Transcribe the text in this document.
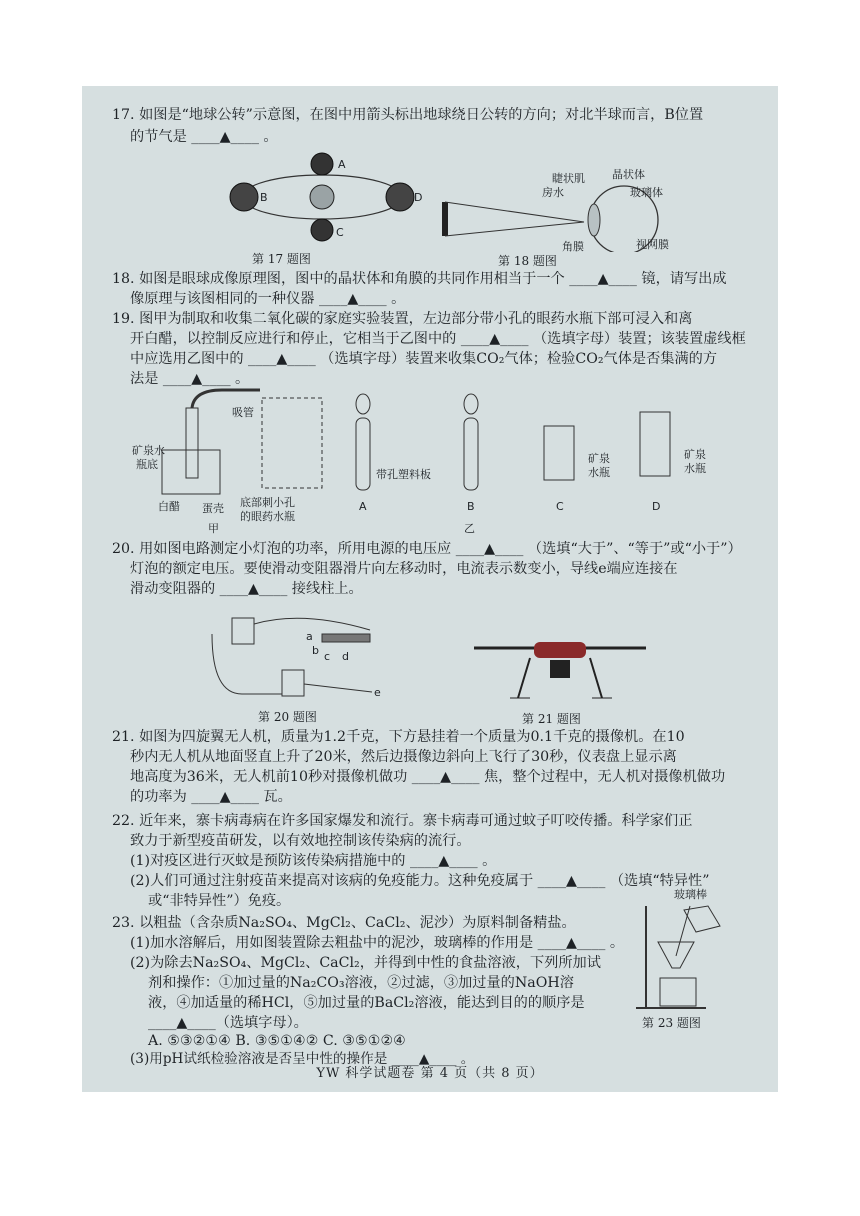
17. 如图是“地球公转”示意图，在图中用箭头标出地球绕日公转的方向；对北半球而言，B位置
的节气是 ____▲____ 。
A
B
C
D
第 17 题图
睫状肌 晶状体
房水	玻璃体
角膜	视网膜
第 18 题图
18. 如图是眼球成像原理图，图中的晶状体和角膜的共同作用相当于一个 ____▲____ 镜，请写出成
像原理与该图相同的一种仪器 ____▲____ 。
19. 图甲为制取和收集二氧化碳的家庭实验装置，左边部分带小孔的眼药水瓶下部可浸入和离
开白醋，以控制反应进行和停止，它相当于乙图中的 ____▲____ （选填字母）装置；该装置虚线框
中应选用乙图中的 ____▲____ （选填字母）装置来收集CO₂气体；检验CO₂气体是否集满的方
法是 ____▲____ 。
吸管
矿泉水
瓶底
白醋 蛋壳 底部刺小孔
的眼药水瓶
甲
带孔塑料板
矿泉
水瓶
矿泉
水瓶
A	B	C	D
乙
20. 用如图电路测定小灯泡的功率，所用电源的电压应 ____▲____ （选填“大于”、“等于”或“小于”）
灯泡的额定电压。要使滑动变阻器滑片向左移动时，电流表示数变小，导线e端应连接在
滑动变阻器的 ____▲____ 接线柱上。
a
b c d
e
第 20 题图	第 21 题图
21. 如图为四旋翼无人机，质量为1.2千克，下方悬挂着一个质量为0.1千克的摄像机。在10
秒内无人机从地面竖直上升了20米，然后边摄像边斜向上飞行了30秒，仪表盘上显示离
地高度为36米，无人机前10秒对摄像机做功 ____▲____ 焦，整个过程中，无人机对摄像机做功
的功率为 ____▲____ 瓦。
22. 近年来，寨卡病毒病在许多国家爆发和流行。寨卡病毒可通过蚊子叮咬传播。科学家们正
致力于新型疫苗研发，以有效地控制该传染病的流行。
(1)对疫区进行灭蚊是预防该传染病措施中的 ____▲____ 。
(2)人们可通过注射疫苗来提高对该病的免疫能力。这种免疫属于 ____▲____ （选填“特异性”
或“非特异性”）免疫。
23. 以粗盐（含杂质Na₂SO₄、MgCl₂、CaCl₂、泥沙）为原料制备精盐。
(1)加水溶解后，用如图装置除去粗盐中的泥沙，玻璃棒的作用是 ____▲____ 。
(2)为除去Na₂SO₄、MgCl₂、CaCl₂，并得到中性的食盐溶液，下列所加试
剂和操作：①加过量的Na₂CO₃溶液，②过滤，③加过量的NaOH溶
液，④加适量的稀HCl，⑤加过量的BaCl₂溶液，能达到目的的顺序是
____▲____（选填字母）。
A. ⑤③②①④ B. ③⑤①④② C. ③⑤①②④
(3)用pH试纸检验溶液是否呈中性的操作是 ____▲____ 。
玻璃棒
第 23 题图
YW 科学试题卷 第 4 页（共 8 页）
